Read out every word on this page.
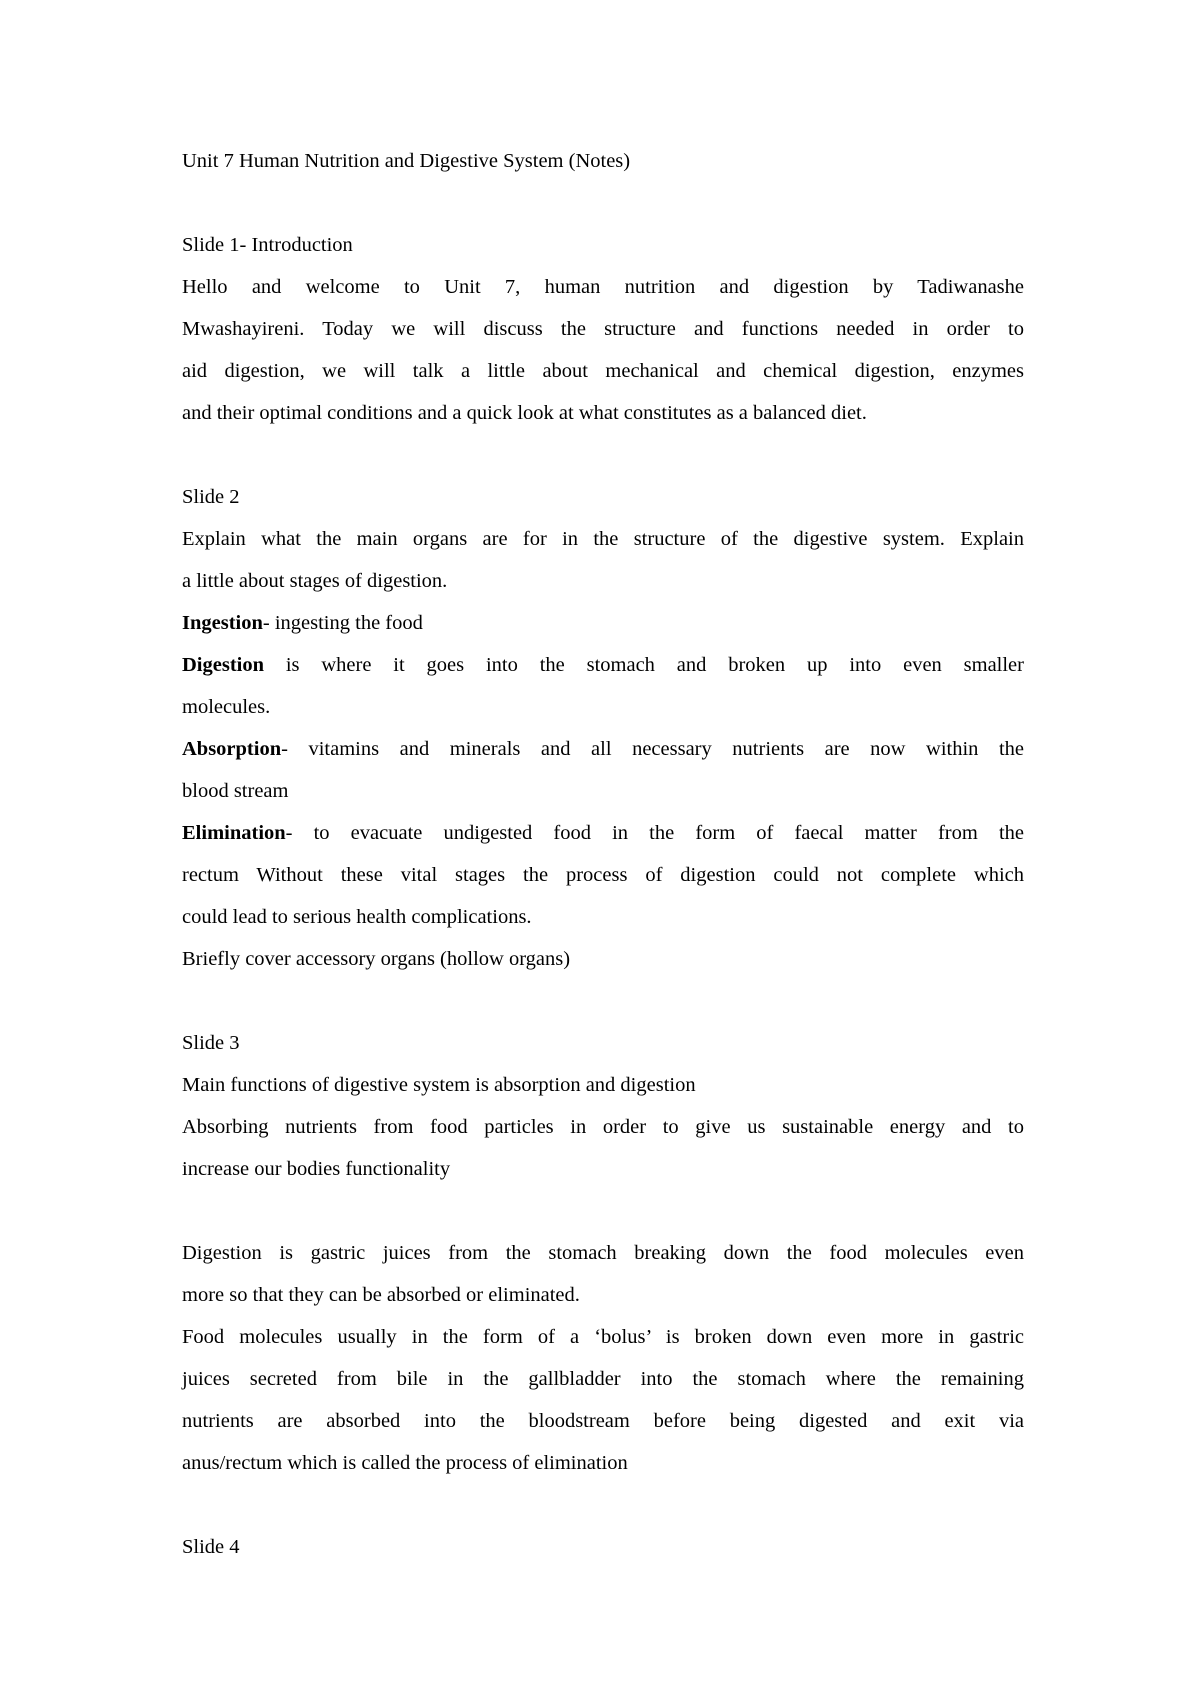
Unit 7 Human Nutrition and Digestive System (Notes)
Slide 1- Introduction
Hello and welcome to Unit 7, human nutrition and digestion by Tadiwanashe
Mwashayireni. Today we will discuss the structure and functions needed in order to
aid digestion, we will talk a little about mechanical and chemical digestion, enzymes
and their optimal conditions and a quick look at what constitutes as a balanced diet.
Slide 2
Explain what the main organs are for in the structure of the digestive system. Explain
a little about stages of digestion.
Ingestion- ingesting the food
Digestion is where it goes into the stomach and broken up into even smaller
molecules.
Absorption- vitamins and minerals and all necessary nutrients are now within the
blood stream
Elimination- to evacuate undigested food in the form of faecal matter from the
rectum Without these vital stages the process of digestion could not complete which
could lead to serious health complications.
Briefly cover accessory organs (hollow organs)
Slide 3
Main functions of digestive system is absorption and digestion
Absorbing nutrients from food particles in order to give us sustainable energy and to
increase our bodies functionality
Digestion is gastric juices from the stomach breaking down the food molecules even
more so that they can be absorbed or eliminated.
Food molecules usually in the form of a ‘bolus’ is broken down even more in gastric
juices secreted from bile in the gallbladder into the stomach where the remaining
nutrients are absorbed into the bloodstream before being digested and exit via
anus/rectum which is called the process of elimination
Slide 4
